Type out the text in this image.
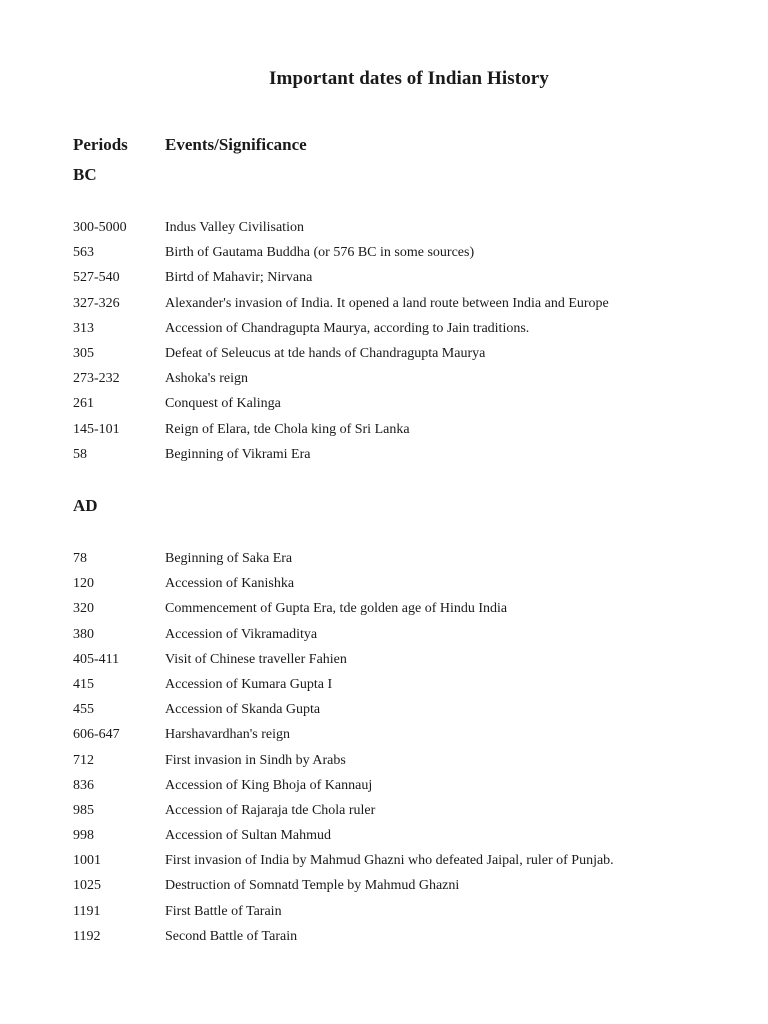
Important dates of Indian History
Periods Events/Significance
BC
300-5000	Indus Valley Civilisation
563	Birth of Gautama Buddha (or 576 BC in some sources)
527-540	Birtd of Mahavir; Nirvana
327-326	Alexander's invasion of India. It opened a land route between India and Europe
313	Accession of Chandragupta Maurya, according to Jain traditions.
305	Defeat of Seleucus at tde hands of Chandragupta Maurya
273-232	Ashoka's reign
261	Conquest of Kalinga
145-101	Reign of Elara, tde Chola king of Sri Lanka
58	Beginning of Vikrami Era
AD
78	Beginning of Saka Era
120	Accession of Kanishka
320	Commencement of Gupta Era, tde golden age of Hindu India
380	Accession of Vikramaditya
405-411	Visit of Chinese traveller Fahien
415	Accession of Kumara Gupta I
455	Accession of Skanda Gupta
606-647	Harshavardhan's reign
712	First invasion in Sindh by Arabs
836	Accession of King Bhoja of Kannauj
985	Accession of Rajaraja tde Chola ruler
998	Accession of Sultan Mahmud
1001	First invasion of India by Mahmud Ghazni who defeated Jaipal, ruler of Punjab.
1025	Destruction of Somnatd Temple by Mahmud Ghazni
1191	First Battle of Tarain
1192	Second Battle of Tarain
